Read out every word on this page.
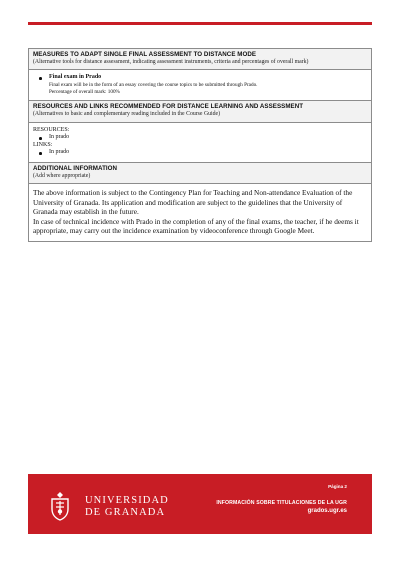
MEASURES TO ADAPT SINGLE FINAL ASSESSMENT TO DISTANCE MODE
(Alternative tools for distance assessment, indicating assessment instruments, criteria and percentages of overall mark)
Final exam in Prado
Final exam will be in the form of an essay covering the course topics to be submitted through Prado.
Percentage of overall mark: 100%
RESOURCES AND LINKS RECOMMENDED FOR DISTANCE LEARNING AND ASSESSMENT
(Alternatives to basic and complementary reading included in the Course Guide)
RESOURCES:
In prado
LINKS:
In prado
ADDITIONAL INFORMATION
(Add where appropriate)

The above information is subject to the Contingency Plan for Teaching and Non-attendance Evaluation of the University of Granada. Its application and modification are subject to the guidelines that the University of Granada may establish in the future.

In case of technical incidence with Prado in the completion of any of the final exams, the teacher, if he deems it appropriate, may carry out the incidence examination by videoconference through Google Meet.

UNIVERSIDAD
DE GRANADA
Página 2
INFORMACIÓN SOBRE TITULACIONES DE LA UGR
grados.ugr.es
